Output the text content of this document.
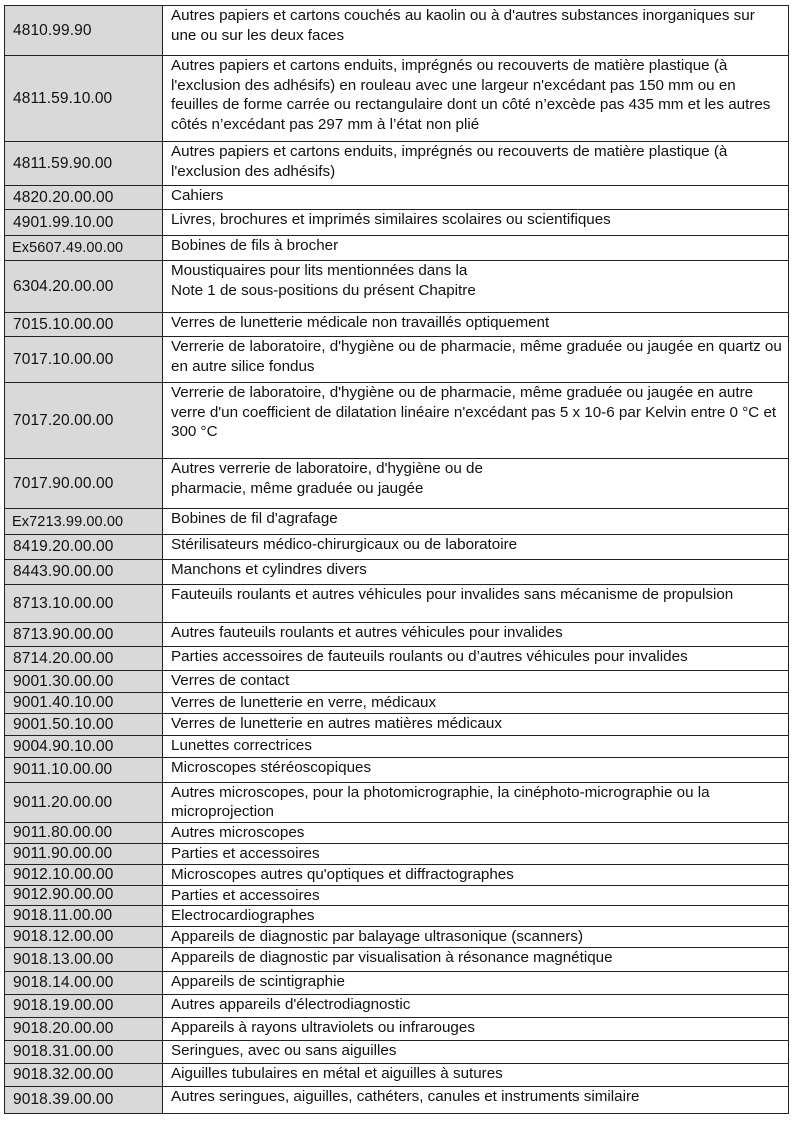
4810.99.90	Autres papiers et cartons couchés au kaolin ou à d'autres substances inorganiques sur une ou sur les deux faces
4811.59.10.00	Autres papiers et cartons enduits, imprégnés ou recouverts de matière plastique (à l'exclusion des adhésifs) en rouleau avec une largeur n'excédant pas 150 mm ou en feuilles de forme carrée ou rectangulaire dont un côté n’excède pas 435 mm et les autres côtés n’excédant pas 297 mm à l’état non plié
4811.59.90.00	Autres papiers et cartons enduits, imprégnés ou recouverts de matière plastique (à l'exclusion des adhésifs)
4820.20.00.00	Cahiers
4901.99.10.00	Livres, brochures et imprimés similaires scolaires ou scientifiques
Ex5607.49.00.00	Bobines de fils à brocher
6304.20.00.00	Moustiquaires pour lits mentionnées dans la
Note 1 de sous-positions du présent Chapitre
7015.10.00.00	Verres de lunetterie médicale non travaillés optiquement
7017.10.00.00	Verrerie de laboratoire, d'hygiène ou de pharmacie, même graduée ou jaugée en quartz ou en autre silice fondus
7017.20.00.00	Verrerie de laboratoire, d'hygiène ou de pharmacie, même graduée ou jaugée en autre verre d'un coefficient de dilatation linéaire n'excédant pas 5 x 10-6 par Kelvin entre 0 °C et 300 °C
7017.90.00.00	Autres verrerie de laboratoire, d'hygiène ou de
pharmacie, même graduée ou jaugée
Ex7213.99.00.00	Bobines de fil d'agrafage
8419.20.00.00	Stérilisateurs médico-chirurgicaux ou de laboratoire
8443.90.00.00	Manchons et cylindres divers
8713.10.00.00	Fauteuils roulants et autres véhicules pour invalides sans mécanisme de propulsion
8713.90.00.00	Autres fauteuils roulants et autres véhicules pour invalides
8714.20.00.00	Parties accessoires de fauteuils roulants ou d’autres véhicules pour invalides
9001.30.00.00	Verres de contact
9001.40.10.00	Verres de lunetterie en verre, médicaux
9001.50.10.00	Verres de lunetterie en autres matières médicaux
9004.90.10.00	Lunettes correctrices
9011.10.00.00	Microscopes stéréoscopiques
9011.20.00.00	Autres microscopes, pour la photomicrographie, la cinéphoto-micrographie ou la microprojection
9011.80.00.00	Autres microscopes
9011.90.00.00	Parties et accessoires
9012.10.00.00	Microscopes autres qu'optiques et diffractographes
9012.90.00.00	Parties et accessoires
9018.11.00.00	Electrocardiographes
9018.12.00.00	Appareils de diagnostic par balayage ultrasonique (scanners)
9018.13.00.00	Appareils de diagnostic par visualisation à résonance magnétique
9018.14.00.00	Appareils de scintigraphie
9018.19.00.00	Autres appareils d'électrodiagnostic
9018.20.00.00	Appareils à rayons ultraviolets ou infrarouges
9018.31.00.00	Seringues, avec ou sans aiguilles
9018.32.00.00	Aiguilles tubulaires en métal et aiguilles à sutures
9018.39.00.00	Autres seringues, aiguilles, cathéters, canules et instruments similaire
